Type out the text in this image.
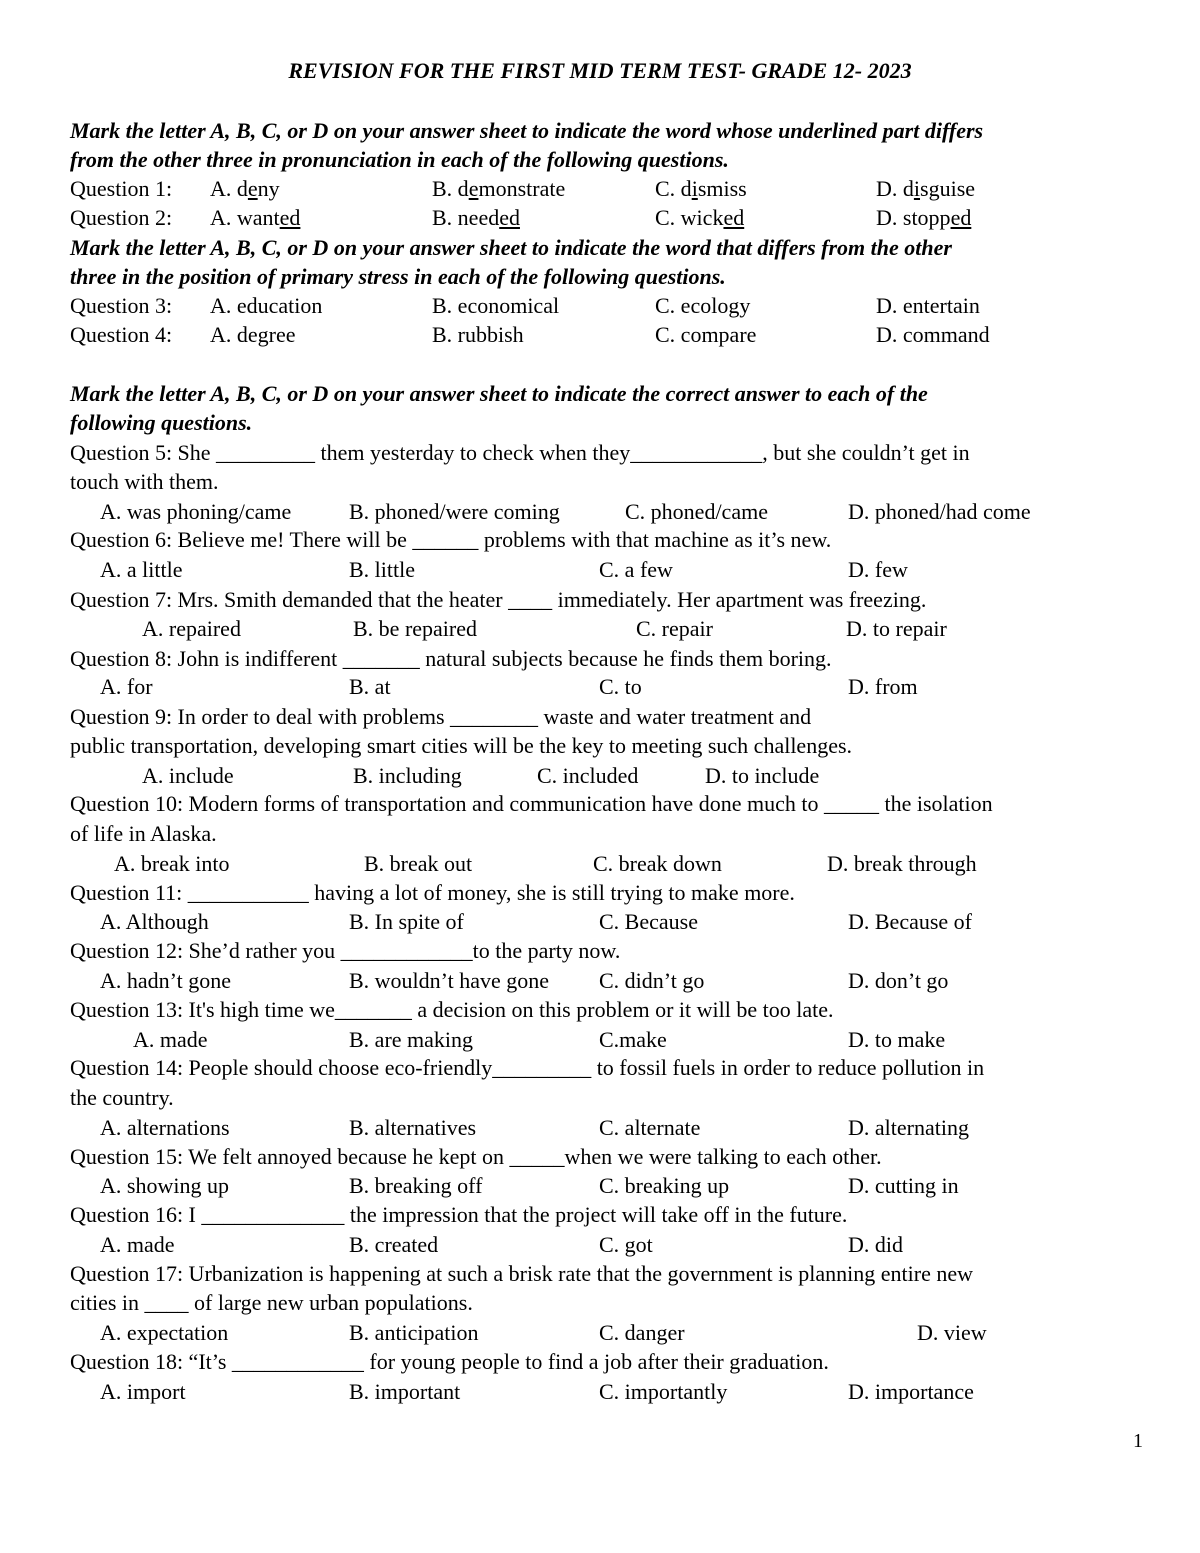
REVISION FOR THE FIRST MID TERM TEST- GRADE 12- 2023
Mark the letter A, B, C, or D on your answer sheet to indicate the word whose underlined part differs
from the other three in pronunciation in each of the following questions.
Question 1: A. deny	B. demonstrate	C. dismiss	D. disguise
Question 2: A. wanted	B. needed	C. wicked	D. stopped
Mark the letter A, B, C, or D on your answer sheet to indicate the word that differs from the other
three in the position of primary stress in each of the following questions.
Question 3: A. education	B. economical	C. ecology	D. entertain
Question 4: A. degree	B. rubbish	C. compare	D. command
Mark the letter A, B, C, or D on your answer sheet to indicate the correct answer to each of the
following questions.
Question 5: She _________ them yesterday to check when they____________, but she couldn’t get in
touch with them.
A. was phoning/came	B. phoned/were coming	C. phoned/came	D. phoned/had come
Question 6: Believe me! There will be ______ problems with that machine as it’s new.
A. a little	B. little	C. a few	D. few
Question 7: Mrs. Smith demanded that the heater ____ immediately. Her apartment was freezing.
A. repaired	B. be repaired	C. repair	D. to repair
Question 8: John is indifferent _______ natural subjects because he finds them boring.
A. for	B. at	C. to	D. from
Question 9: In order to deal with problems ________ waste and water treatment and
public transportation, developing smart cities will be the key to meeting such challenges.
A. include	B. including	C. included	D. to include
Question 10: Modern forms of transportation and communication have done much to _____ the isolation
of life in Alaska.
A. break into	B. break out	C. break down	D. break through
Question 11: ___________ having a lot of money, she is still trying to make more.
A. Although	B. In spite of	C. Because	D. Because of
Question 12: She’d rather you ____________to the party now.
A. hadn’t gone	B. wouldn’t have gone C. didn’t go	D. don’t go
Question 13: It's high time we_______ a decision on this problem or it will be too late.
A. made	B. are making	C.make	D. to make
Question 14: People should choose eco-friendly_________ to fossil fuels in order to reduce pollution in
the country.
A. alternations	B. alternatives	C. alternate	D. alternating
Question 15: We felt annoyed because he kept on _____when we were talking to each other.
A. showing up	B. breaking off	C. breaking up	D. cutting in
Question 16: I _____________ the impression that the project will take off in the future.
A. made	B. created	C. got	D. did
Question 17: Urbanization is happening at such a brisk rate that the government is planning entire new
cities in ____ of large new urban populations.
A. expectation	B. anticipation	C. danger	D. view
Question 18: “It’s ____________ for young people to find a job after their graduation.
A. import	B. important	C. importantly	D. importance
1
